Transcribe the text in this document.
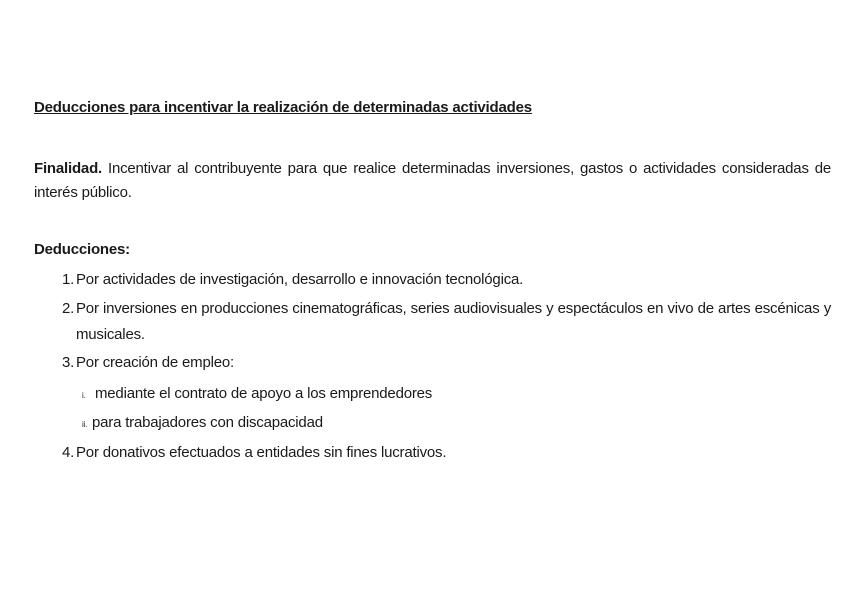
Deducciones para incentivar la realización de determinadas actividades
Finalidad. Incentivar al contribuyente para que realice determinadas inversiones, gastos o actividades consideradas de interés público.
Deducciones:
1. Por actividades de investigación, desarrollo e innovación tecnológica.
2. Por inversiones en producciones cinematográficas, series audiovisuales y espectáculos en vivo de artes escénicas y musicales.
3. Por creación de empleo:
i. mediante el contrato de apoyo a los emprendedores
ii. para trabajadores con discapacidad
4. Por donativos efectuados a entidades sin fines lucrativos.
